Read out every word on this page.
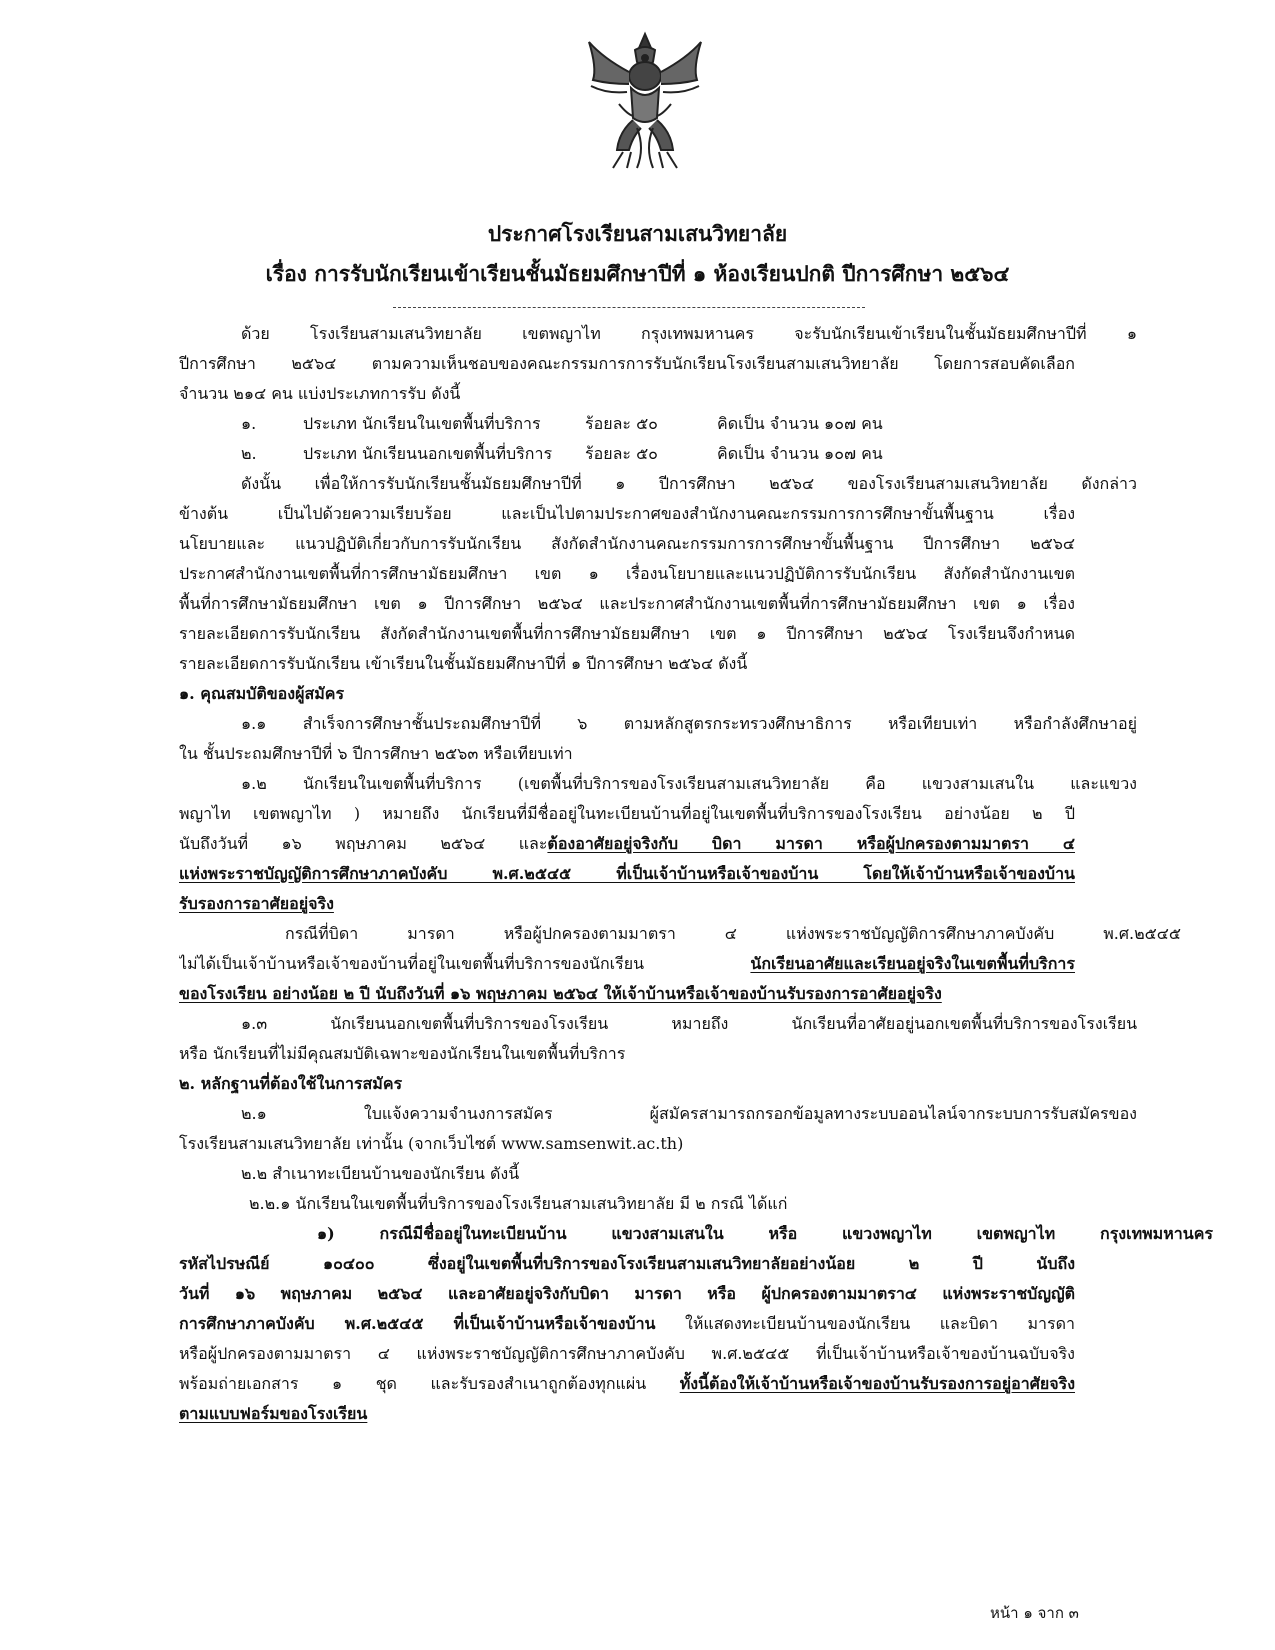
ประกาศโรงเรียนสามเสนวิทยาลัย
เรื่อง การรับนักเรียนเข้าเรียนชั้นมัธยมศึกษาปีที่ ๑ ห้องเรียนปกติ ปีการศึกษา ๒๕๖๔
ด้วย โรงเรียนสามเสนวิทยาลัย เขตพญาไท กรุงเทพมหานคร จะรับนักเรียนเข้าเรียนในชั้นมัธยมศึกษาปีที่ ๑
ปีการศึกษา ๒๕๖๔ ตามความเห็นชอบของคณะกรรมการการรับนักเรียนโรงเรียนสามเสนวิทยาลัย โดยการสอบคัดเลือก
จำนวน ๒๑๔ คน แบ่งประเภทการรับ ดังนี้
๑.	ประเภท นักเรียนในเขตพื้นที่บริการ	ร้อยละ ๕๐	คิดเป็น จำนวน ๑๐๗ คน
๒.	ประเภท นักเรียนนอกเขตพื้นที่บริการ ร้อยละ ๕๐	คิดเป็น จำนวน ๑๐๗ คน
ดังนั้น เพื่อให้การรับนักเรียนชั้นมัธยมศึกษาปีที่ ๑ ปีการศึกษา ๒๕๖๔ ของโรงเรียนสามเสนวิทยาลัย ดังกล่าว
ข้างต้น เป็นไปด้วยความเรียบร้อย และเป็นไปตามประกาศของสำนักงานคณะกรรมการการศึกษาขั้นพื้นฐาน เรื่อง
นโยบายและ แนวปฏิบัติเกี่ยวกับการรับนักเรียน สังกัดสำนักงานคณะกรรมการการศึกษาขั้นพื้นฐาน ปีการศึกษา ๒๕๖๔
ประกาศสำนักงานเขตพื้นที่การศึกษามัธยมศึกษา เขต ๑ เรื่องนโยบายและแนวปฏิบัติการรับนักเรียน สังกัดสำนักงานเขต
พื้นที่การศึกษามัธยมศึกษา เขต ๑ ปีการศึกษา ๒๕๖๔ และประกาศสำนักงานเขตพื้นที่การศึกษามัธยมศึกษา เขต ๑ เรื่อง
รายละเอียดการรับนักเรียน สังกัดสำนักงานเขตพื้นที่การศึกษามัธยมศึกษา เขต ๑ ปีการศึกษา ๒๕๖๔ โรงเรียนจึงกำหนด
รายละเอียดการรับนักเรียน เข้าเรียนในชั้นมัธยมศึกษาปีที่ ๑ ปีการศึกษา ๒๕๖๔ ดังนี้
๑. คุณสมบัติของผู้สมัคร
๑.๑ สำเร็จการศึกษาชั้นประถมศึกษาปีที่ ๖ ตามหลักสูตรกระทรวงศึกษาธิการ หรือเทียบเท่า หรือกำลังศึกษาอยู่
ใน ชั้นประถมศึกษาปีที่ ๖ ปีการศึกษา ๒๕๖๓ หรือเทียบเท่า
๑.๒ นักเรียนในเขตพื้นที่บริการ (เขตพื้นที่บริการของโรงเรียนสามเสนวิทยาลัย คือ แขวงสามเสนใน และแขวง
พญาไท เขตพญาไท ) หมายถึง นักเรียนที่มีชื่ออยู่ในทะเบียนบ้านที่อยู่ในเขตพื้นที่บริการของโรงเรียน อย่างน้อย ๒ ปี
นับถึงวันที่ ๑๖ พฤษภาคม ๒๕๖๔ และต้องอาศัยอยู่จริงกับ บิดา มารดา หรือผู้ปกครองตามมาตรา ๔
แห่งพระราชบัญญัติการศึกษาภาคบังคับ พ.ศ.๒๕๔๕ ที่เป็นเจ้าบ้านหรือเจ้าของบ้าน โดยให้เจ้าบ้านหรือเจ้าของบ้าน
รับรองการอาศัยอยู่จริง
กรณีที่บิดา มารดา หรือผู้ปกครองตามมาตรา ๔ แห่งพระราชบัญญัติการศึกษาภาคบังคับ พ.ศ.๒๕๔๕
ไม่ได้เป็นเจ้าบ้านหรือเจ้าของบ้านที่อยู่ในเขตพื้นที่บริการของนักเรียน นักเรียนอาศัยและเรียนอยู่จริงในเขตพื้นที่บริการ
ของโรงเรียน อย่างน้อย ๒ ปี นับถึงวันที่ ๑๖ พฤษภาคม ๒๕๖๔ ให้เจ้าบ้านหรือเจ้าของบ้านรับรองการอาศัยอยู่จริง
๑.๓ นักเรียนนอกเขตพื้นที่บริการของโรงเรียน หมายถึง นักเรียนที่อาศัยอยู่นอกเขตพื้นที่บริการของโรงเรียน
หรือ นักเรียนที่ไม่มีคุณสมบัติเฉพาะของนักเรียนในเขตพื้นที่บริการ
๒. หลักฐานที่ต้องใช้ในการสมัคร
๒.๑ ใบแจ้งความจำนงการสมัคร ผู้สมัครสามารถกรอกข้อมูลทางระบบออนไลน์จากระบบการรับสมัครของ
โรงเรียนสามเสนวิทยาลัย เท่านั้น (จากเว็บไซต์ www.samsenwit.ac.th)
๒.๒ สำเนาทะเบียนบ้านของนักเรียน ดังนี้
๒.๒.๑ นักเรียนในเขตพื้นที่บริการของโรงเรียนสามเสนวิทยาลัย มี ๒ กรณี ได้แก่
๑) กรณีมีชื่ออยู่ในทะเบียนบ้าน แขวงสามเสนใน หรือ แขวงพญาไท เขตพญาไท กรุงเทพมหานคร
รหัสไปรษณีย์ ๑๐๔๐๐ ซึ่งอยู่ในเขตพื้นที่บริการของโรงเรียนสามเสนวิทยาลัยอย่างน้อย ๒ ปี นับถึง
วันที่ ๑๖ พฤษภาคม ๒๕๖๔ และอาศัยอยู่จริงกับบิดา มารดา หรือ ผู้ปกครองตามมาตรา๔ แห่งพระราชบัญญัติ
การศึกษาภาคบังคับ พ.ศ.๒๕๔๕ ที่เป็นเจ้าบ้านหรือเจ้าของบ้าน ให้แสดงทะเบียนบ้านของนักเรียน และบิดา มารดา
หรือผู้ปกครองตามมาตรา ๔ แห่งพระราชบัญญัติการศึกษาภาคบังคับ พ.ศ.๒๕๔๕ ที่เป็นเจ้าบ้านหรือเจ้าของบ้านฉบับจริง
พร้อมถ่ายเอกสาร ๑ ชุด และรับรองสำเนาถูกต้องทุกแผ่น ทั้งนี้ต้องให้เจ้าบ้านหรือเจ้าของบ้านรับรองการอยู่อาศัยจริง
ตามแบบฟอร์มของโรงเรียน
หน้า ๑ จาก ๓
